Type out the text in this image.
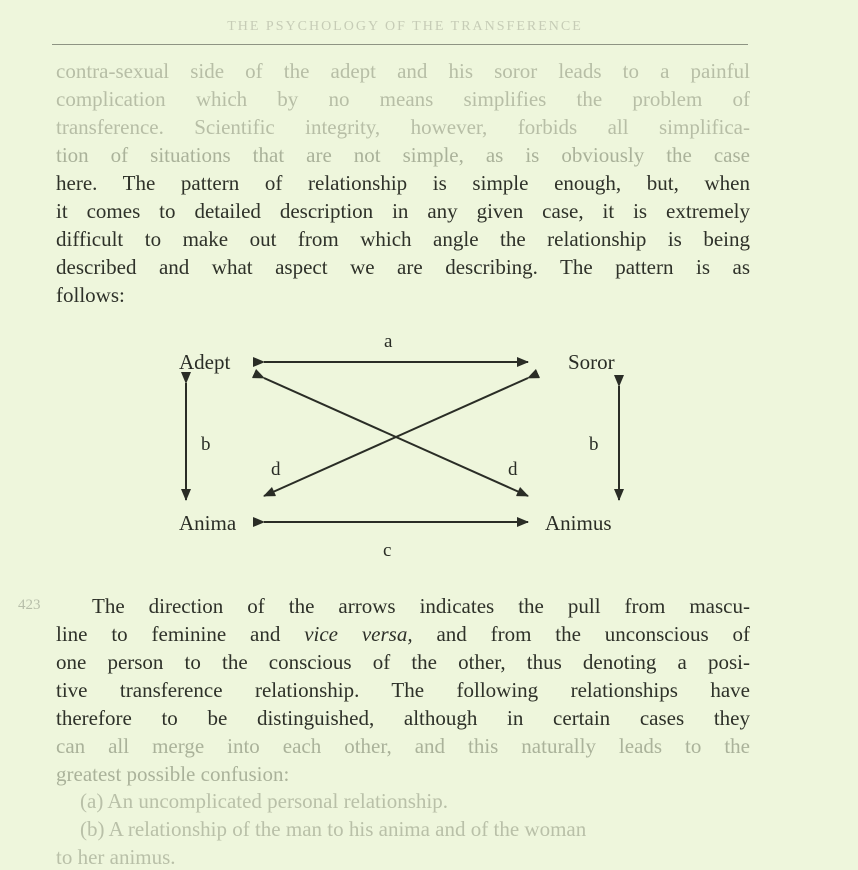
THE PSYCHOLOGY OF THE TRANSFERENCE
contra-sexual side of the adept and his soror leads to a painful
complication which by no means simplifies the problem of
transference. Scientific integrity, however, forbids all simplifica-
tion of situations that are not simple, as is obviously the case
here. The pattern of relationship is simple enough, but, when
it comes to detailed description in any given case, it is extremely
difficult to make out from which angle the relationship is being
described and what aspect we are describing. The pattern is as
follows:
Adept	Soror
Anima	Animus
a
c
b	b
d	d
423	The direction of the arrows indicates the pull from mascu-
line to feminine and vice versa, and from the unconscious of
one person to the conscious of the other, thus denoting a posi-
tive transference relationship. The following relationships have
therefore to be distinguished, although in certain cases they
can all merge into each other, and this naturally leads to the
greatest possible confusion:
(a) An uncomplicated personal relationship.
(b) A relationship of the man to his anima and of the woman
to her animus.
